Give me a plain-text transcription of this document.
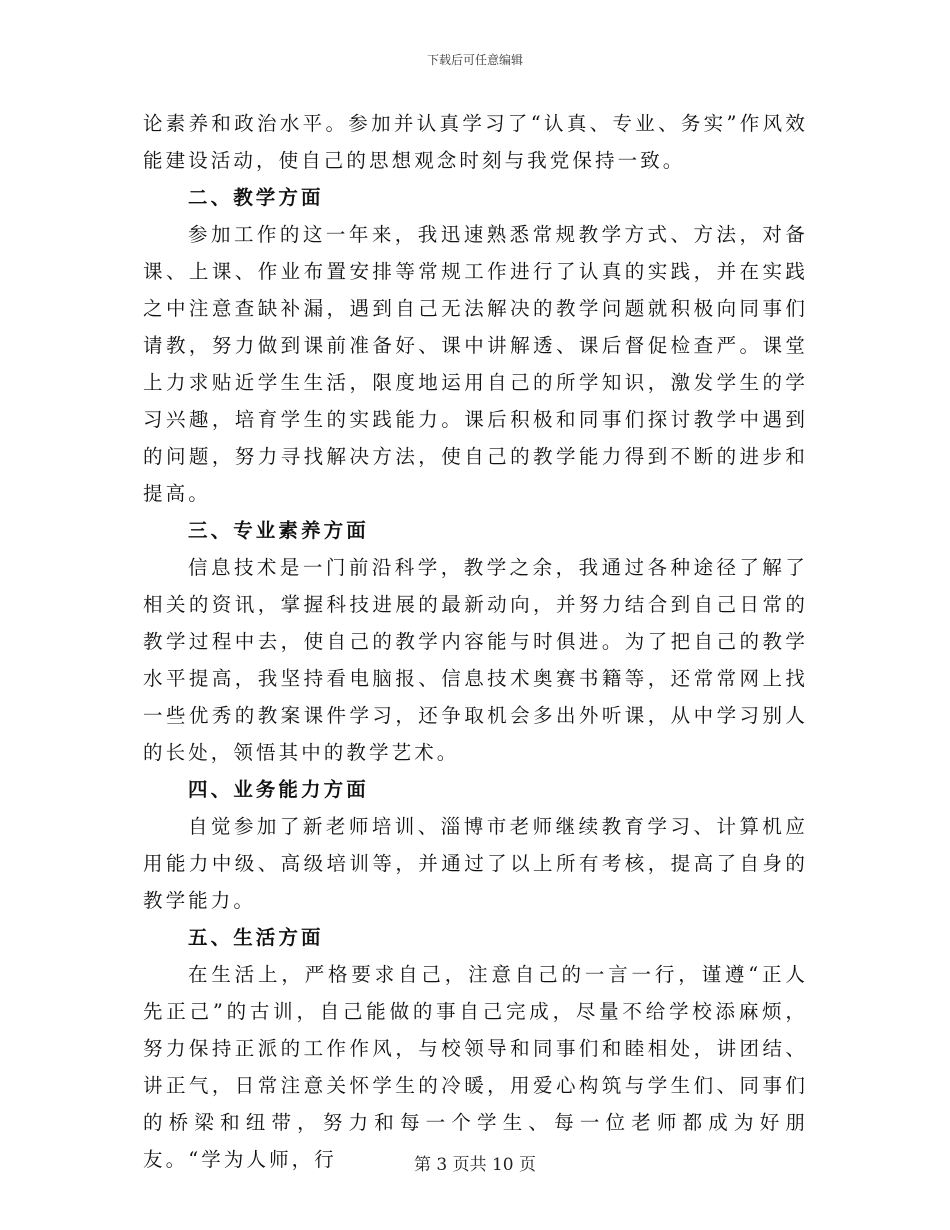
下载后可任意编辑

论素养和政治水平。参加并认真学习了“认真、专业、务实”作风效能建设活动，使自己的思想观念时刻与我党保持一致。

二、教学方面

参加工作的这一年来，我迅速熟悉常规教学方式、方法，对备课、上课、作业布置安排等常规工作进行了认真的实践，并在实践之中注意查缺补漏，遇到自己无法解决的教学问题就积极向同事们请教，努力做到课前准备好、课中讲解透、课后督促检查严。课堂上力求贴近学生生活，限度地运用自己的所学知识，激发学生的学习兴趣，培育学生的实践能力。课后积极和同事们探讨教学中遇到的问题，努力寻找解决方法，使自己的教学能力得到不断的进步和提高。

三、专业素养方面

信息技术是一门前沿科学，教学之余，我通过各种途径了解了相关的资讯，掌握科技进展的最新动向，并努力结合到自己日常的教学过程中去，使自己的教学内容能与时俱进。为了把自己的教学水平提高，我坚持看电脑报、信息技术奥赛书籍等，还常常网上找一些优秀的教案课件学习，还争取机会多出外听课，从中学习别人的长处，领悟其中的教学艺术。

四、业务能力方面

自觉参加了新老师培训、淄博市老师继续教育学习、计算机应用能力中级、高级培训等，并通过了以上所有考核，提高了自身的教学能力。

五、生活方面

在生活上，严格要求自己，注意自己的一言一行，谨遵“正人先正己”的古训，自己能做的事自己完成，尽量不给学校添麻烦，努力保持正派的工作作风，与校领导和同事们和睦相处，讲团结、讲正气，日常注意关怀学生的冷暖，用爱心构筑与学生们、同事们的桥梁和纽带，努力和每一个学生、每一位老师都成为好朋友。“学为人师，行	第 3 页共 10 页
